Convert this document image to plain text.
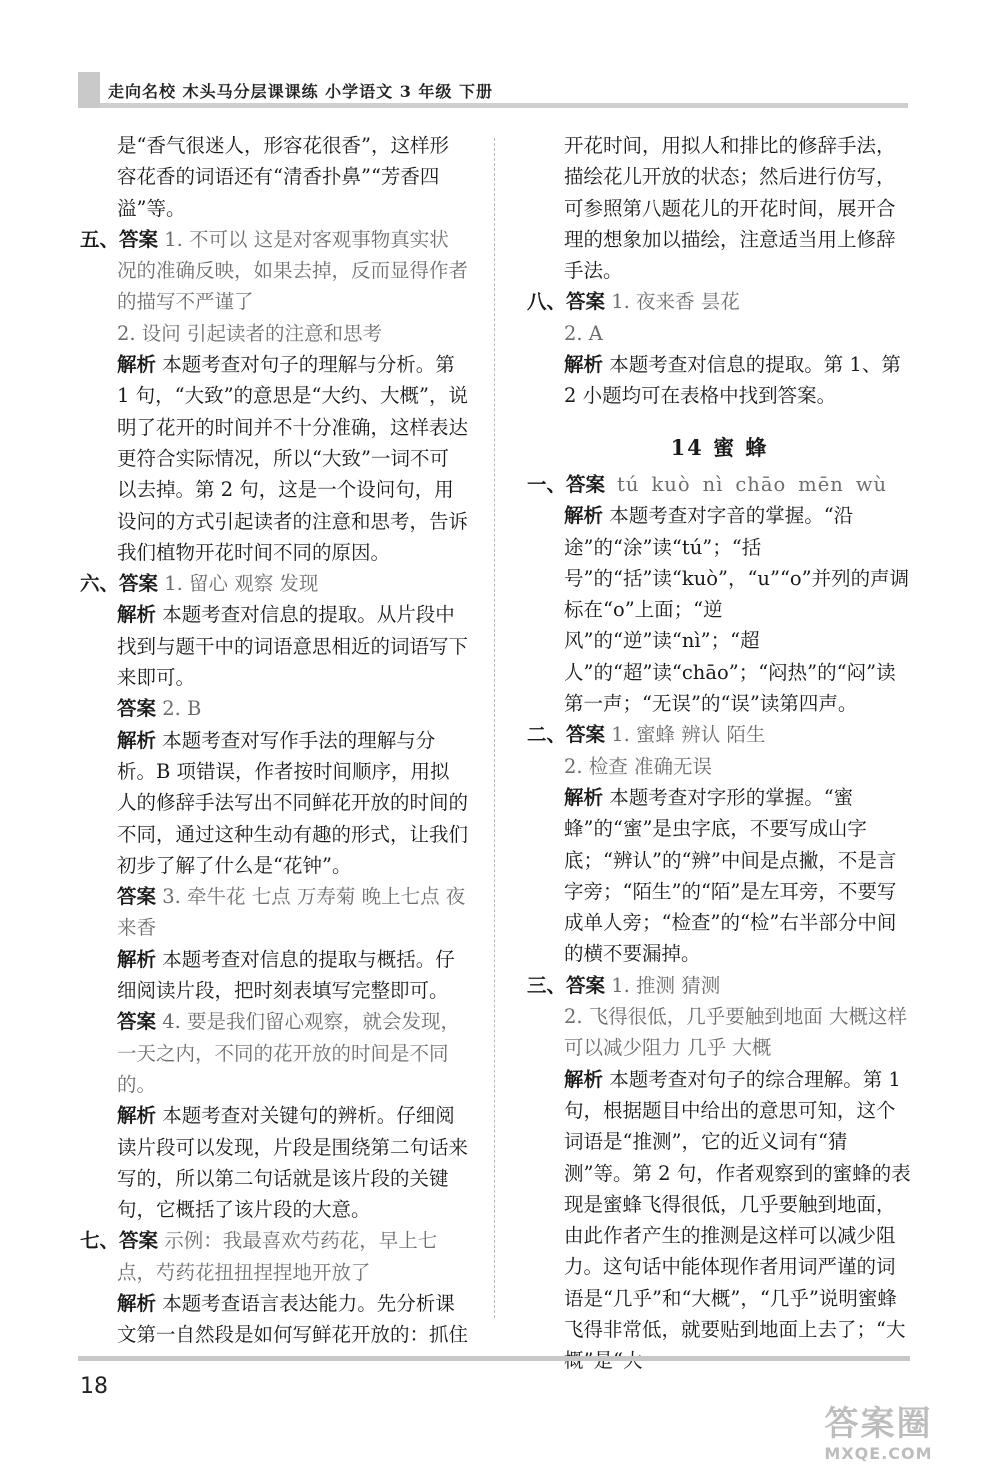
走向名校 木头马分层课课练 小学语文 3 年级 下册

是“香气很迷人，形容花很香”，这样形

容花香的词语还有“清香扑鼻”“芳香四

溢”等。

五、答案 1. 不可以 这是对客观事物真实状况的准确反映，如果去掉，反而显得作者的描写不严谨了

2. 设问 引起读者的注意和思考

解析 本题考查对句子的理解与分析。第 1 句，“大致”的意思是“大约、大概”，说明了花开的时间并不十分准确，这样表达更符合实际情况，所以“大致”一词不可以去掉。第 2 句，这是一个设问句，用设问的方式引起读者的注意和思考，告诉我们植物开花时间不同的原因。

六、答案 1. 留心 观察 发现

解析 本题考查对信息的提取。从片段中找到与题干中的词语意思相近的词语写下来即可。

答案 2. B

解析 本题考查对写作手法的理解与分析。B 项错误，作者按时间顺序，用拟人的修辞手法写出不同鲜花开放的时间的不同，通过这种生动有趣的形式，让我们初步了解了什么是“花钟”。

答案 3. 牵牛花 七点 万寿菊 晚上七点 夜来香

解析 本题考查对信息的提取与概括。仔细阅读片段，把时刻表填写完整即可。

答案 4. 要是我们留心观察，就会发现，一天之内，不同的花开放的时间是不同的。

解析 本题考查对关键句的辨析。仔细阅读片段可以发现，片段是围绕第二句话来写的，所以第二句话就是该片段的关键句，它概括了该片段的大意。

七、答案 示例：我最喜欢芍药花，早上七点，芍药花扭扭捏捏地开放了

解析 本题考查语言表达能力。先分析课文第一自然段是如何写鲜花开放的：抓住

开花时间，用拟人和排比的修辞手法，描绘花儿开放的状态；然后进行仿写，可参照第八题花儿的开花时间，展开合理的想象加以描绘，注意适当用上修辞手法。

八、答案 1. 夜来香 昙花

2. A

解析 本题考查对信息的提取。第 1、第 2 小题均可在表格中找到答案。

14 蜜 蜂

一、答案 tú kuò nì chāo mēn wù

解析 本题考查对字音的掌握。“沿途”的“涂”读“tú”；“括号”的“括”读“kuò”，“u”“o”并列的声调标在“o”上面；“逆风”的“逆”读“nì”；“超人”的“超”读“chāo”；“闷热”的“闷”读第一声；“无误”的“误”读第四声。

二、答案 1. 蜜蜂 辨认 陌生

2. 检查 准确无误

解析 本题考查对字形的掌握。“蜜蜂”的“蜜”是虫字底，不要写成山字底；“辨认”的“辨”中间是点撇，不是言字旁；“陌生”的“陌”是左耳旁，不要写成单人旁；“检查”的“检”右半部分中间的横不要漏掉。

三、答案 1. 推测 猜测

2. 飞得很低，几乎要触到地面 大概这样可以减少阻力 几乎 大概

解析 本题考查对句子的综合理解。第 1 句，根据题目中给出的意思可知，这个词语是“推测”，它的近义词有“猜测”等。第 2 句，作者观察到的蜜蜂的表现是蜜蜂飞得很低，几乎要触到地面，由此作者产生的推测是这样可以减少阻力。这句话中能体现作者用词严谨的词语是“几乎”和“大概”，“几乎”说明蜜蜂飞得非常低，就要贴到地面上去了；“大

18
答案圈
MXQE.COM
